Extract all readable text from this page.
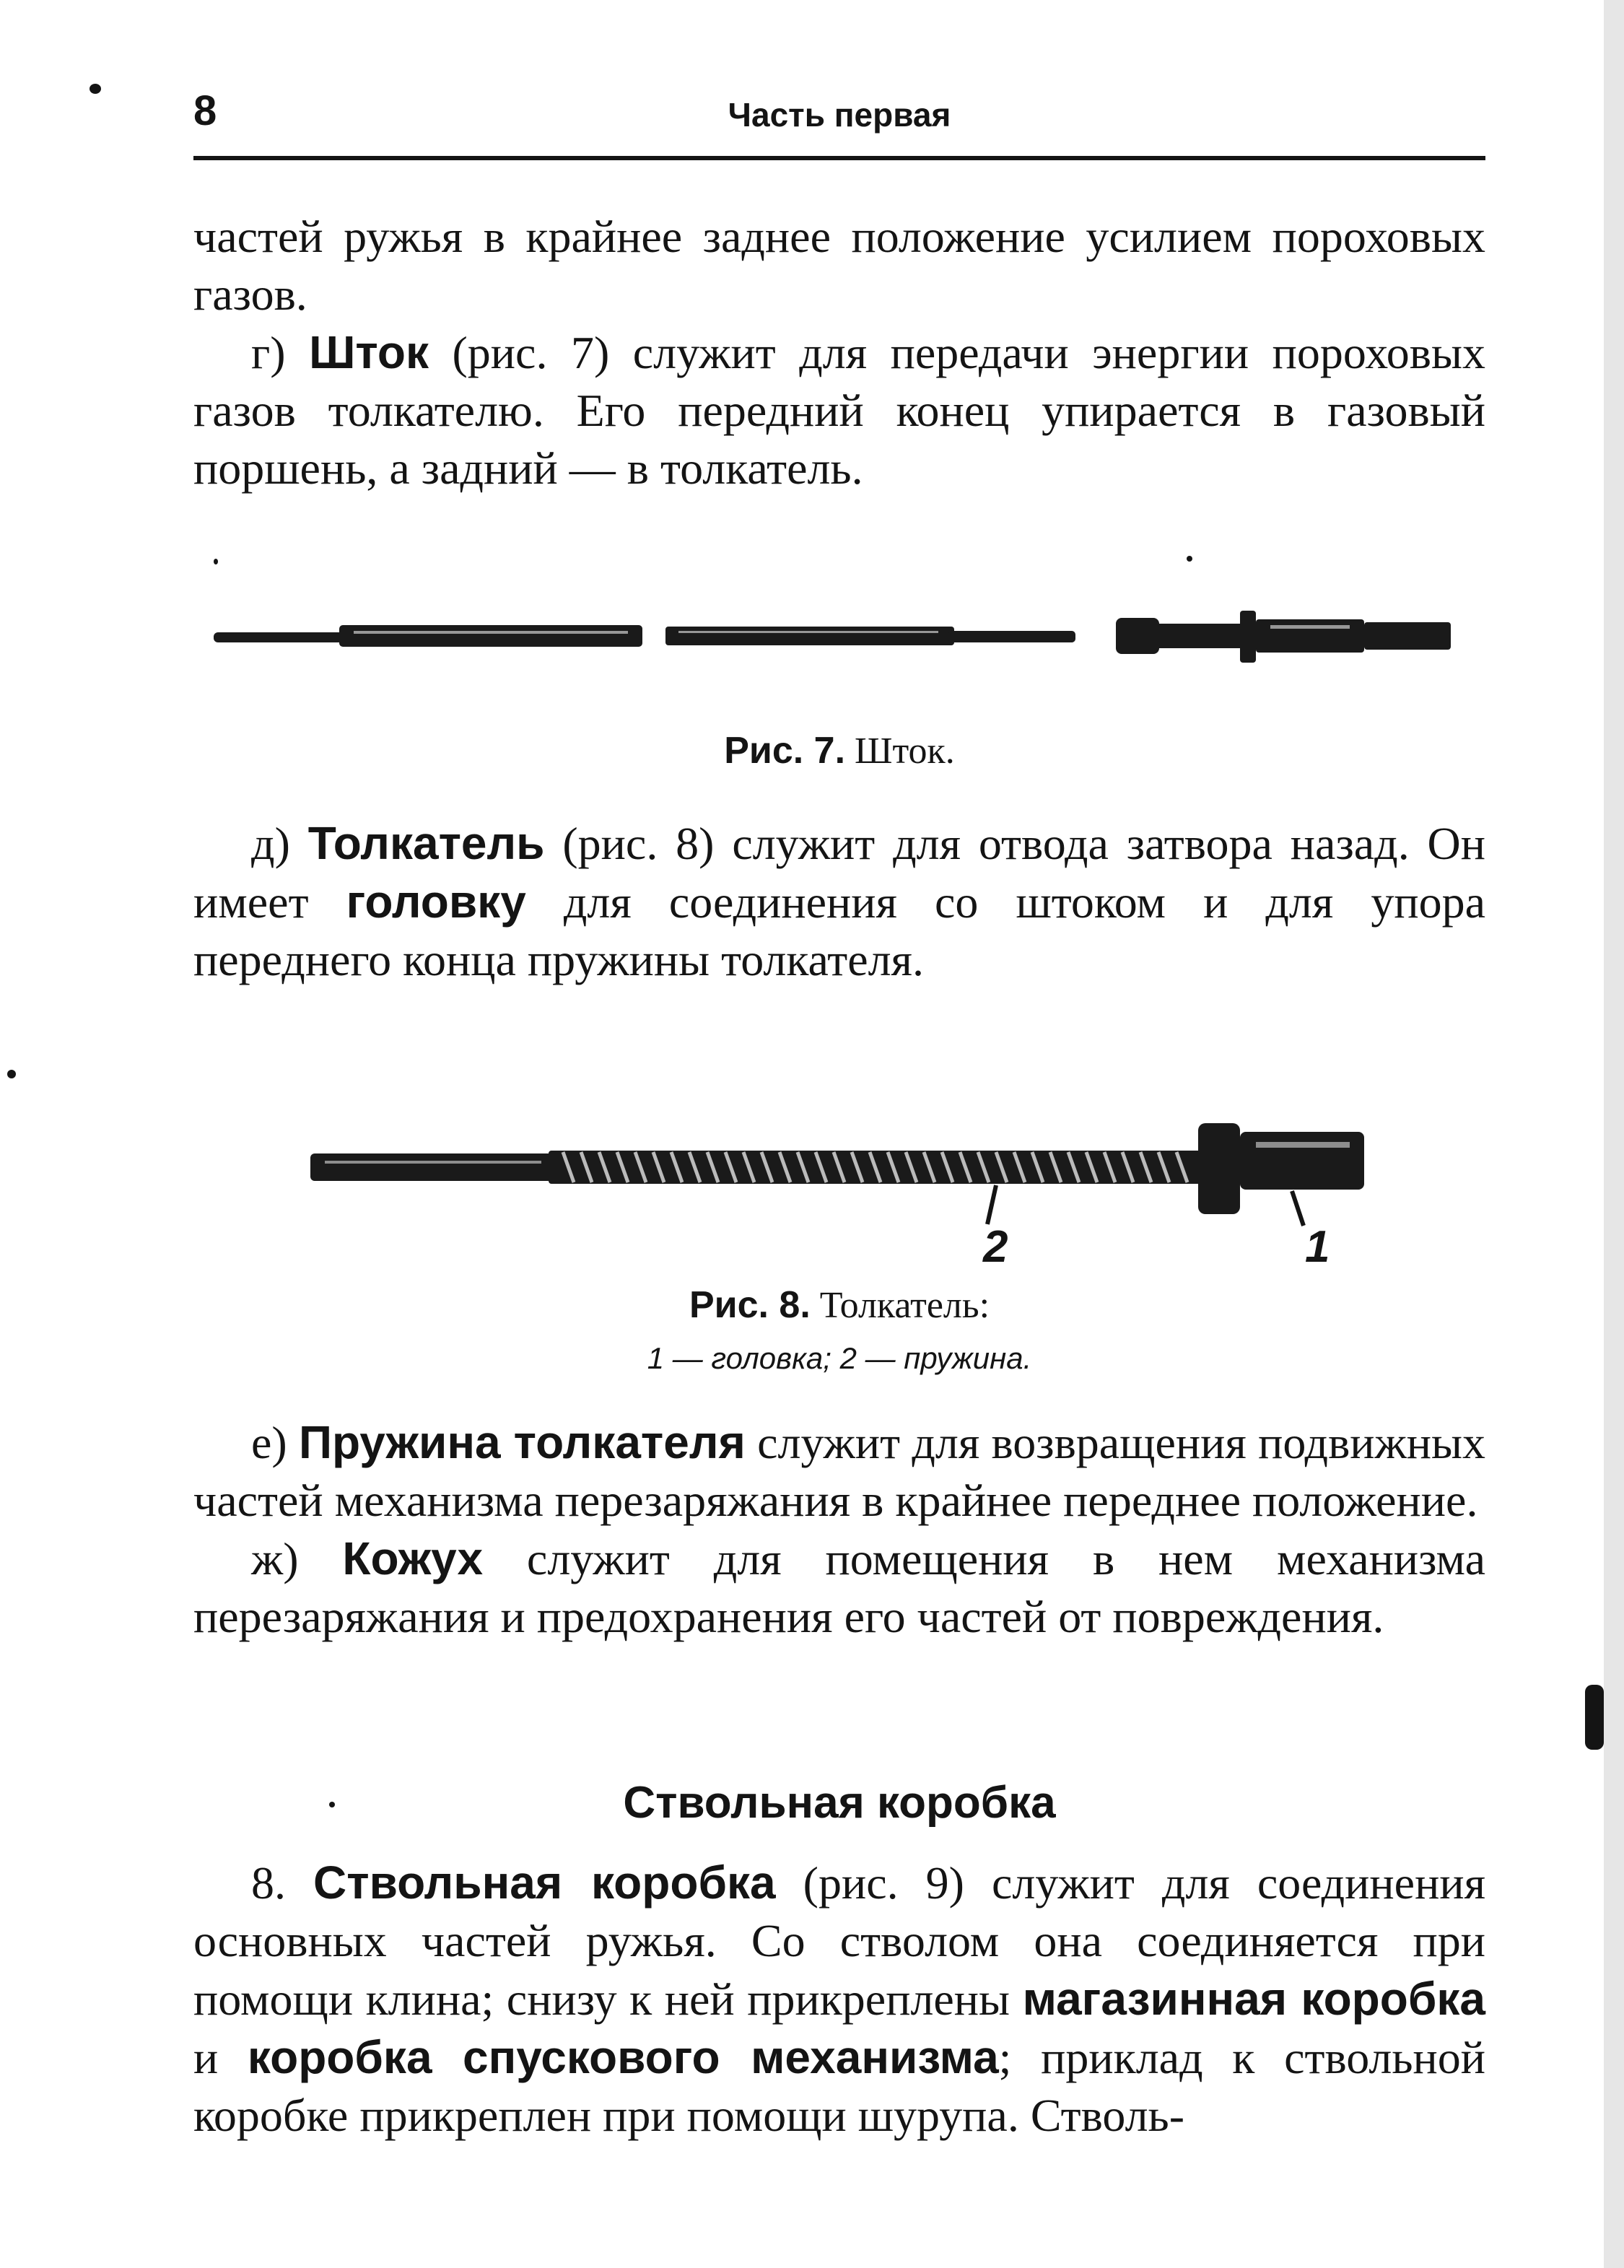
8	Часть первая

частей ружья в крайнее заднее положение усилием пороховых газов.

г) Шток (рис. 7) служит для передачи энергии пороховых газов толкателю. Его передний конец упирается в газовый поршень, а задний — в толкатель.

Рис. 7. Шток.

д) Толкатель (рис. 8) служит для отвода затвора назад. Он имеет головку для соединения со штоком и для упора переднего конца пружины толкателя.

2	1
Рис. 8. Толкатель:
1 — головка; 2 — пружина.

е) Пружина толкателя служит для возвращения подвижных частей механизма перезаряжания в крайнее переднее положение.

ж) Кожух служит для помещения в нем механизма перезаряжания и предохранения его частей от повреждения.

Ствольная коробка

8. Ствольная коробка (рис. 9) служит для соединения основных частей ружья. Со стволом она соединяется при помощи клина; снизу к ней прикреплены магазинная коробка и коробка спускового механизма; приклад к ствольной коробке прикреплен при помощи шурупа. Стволь-
